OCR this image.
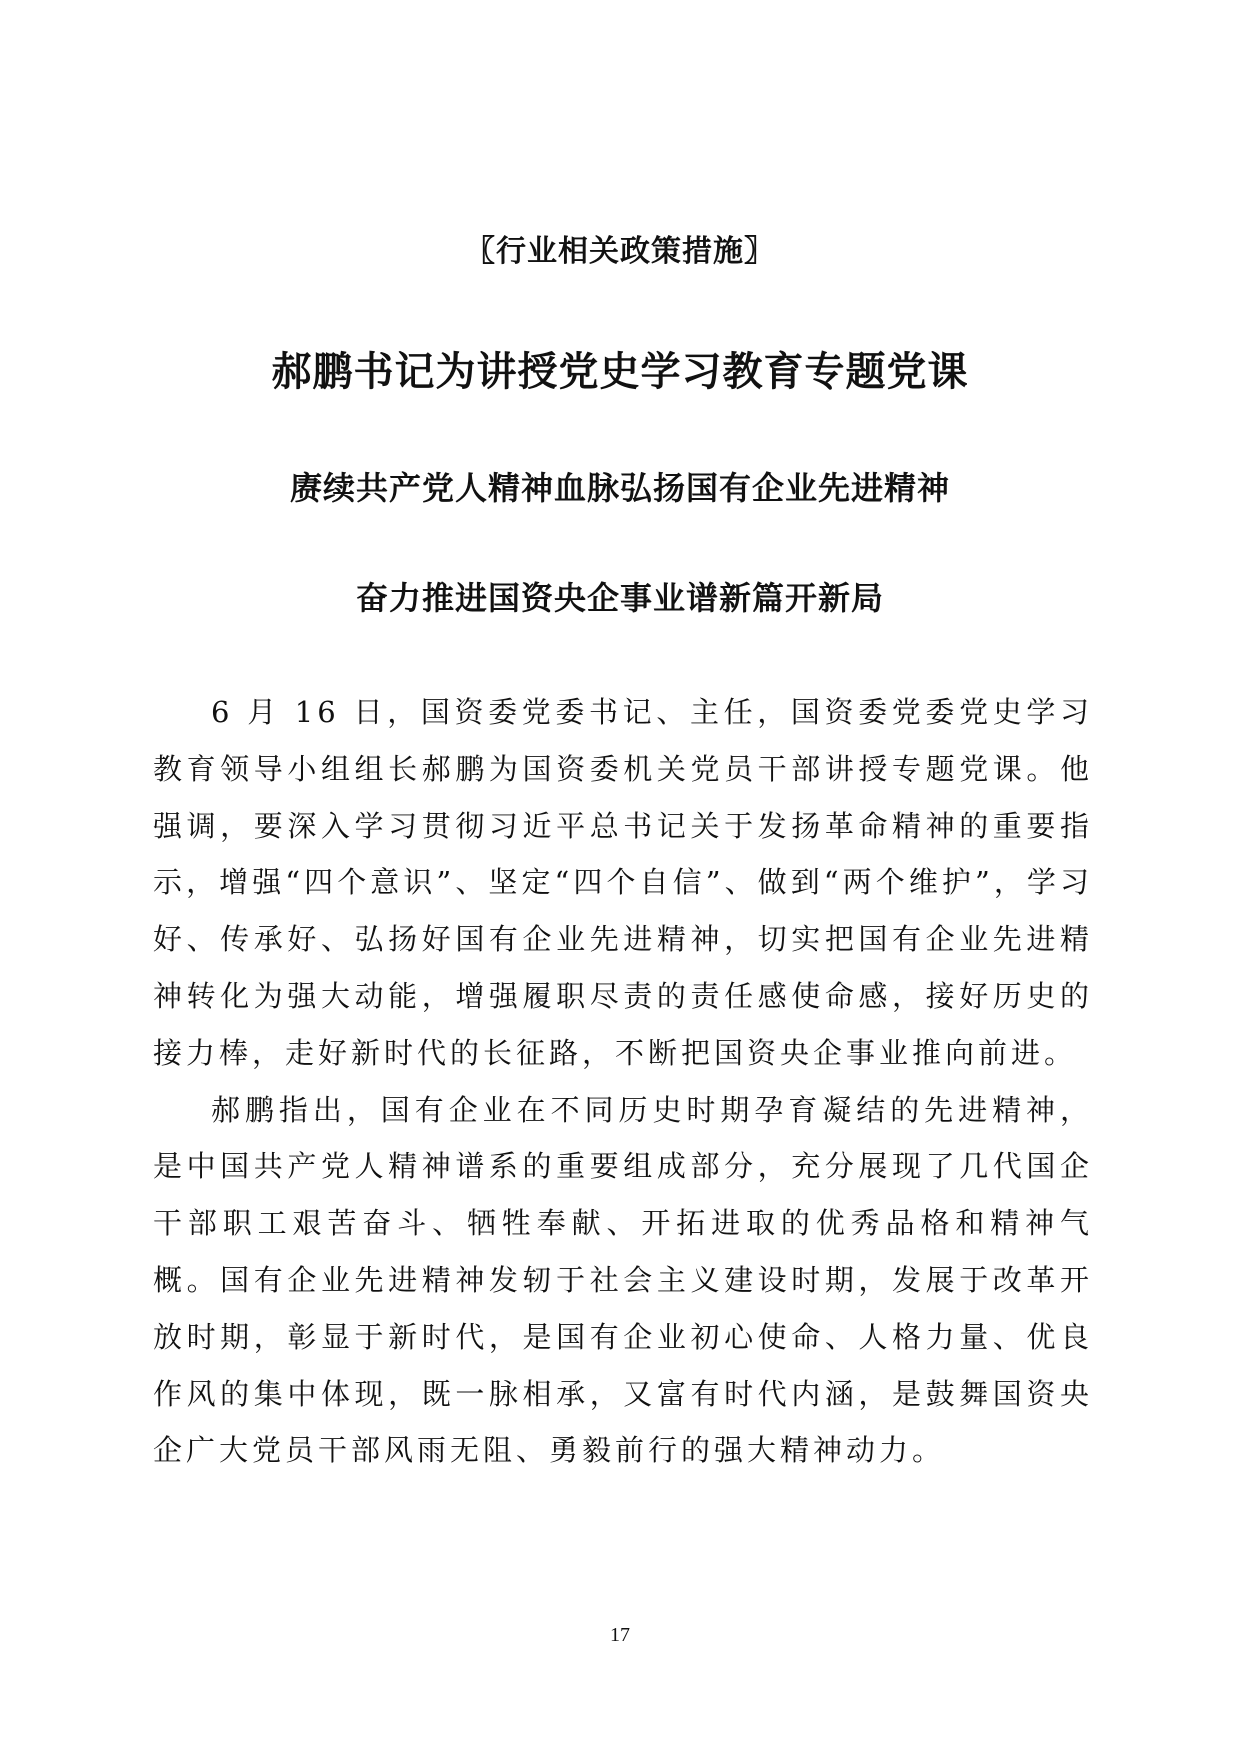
〖行业相关政策措施〗
郝鹏书记为讲授党史学习教育专题党课
赓续共产党人精神血脉弘扬国有企业先进精神
奋力推进国资央企事业谱新篇开新局

6 月 16 日，国资委党委书记、主任，国资委党委党史学习教育领导小组组长郝鹏为国资委机关党员干部讲授专题党课。他强调，要深入学习贯彻习近平总书记关于发扬革命精神的重要指示，增强“四个意识”、坚定“四个自信”、做到“两个维护”，学习好、传承好、弘扬好国有企业先进精神，切实把国有企业先进精神转化为强大动能，增强履职尽责的责任感使命感，接好历史的接力棒，走好新时代的长征路，不断把国资央企事业推向前进。

郝鹏指出，国有企业在不同历史时期孕育凝结的先进精神，是中国共产党人精神谱系的重要组成部分，充分展现了几代国企干部职工艰苦奋斗、牺牲奉献、开拓进取的优秀品格和精神气概。国有企业先进精神发轫于社会主义建设时期，发展于改革开放时期，彰显于新时代，是国有企业初心使命、人格力量、优良作风的集中体现，既一脉相承，又富有时代内涵，是鼓舞国资央企广大党员干部风雨无阻、勇毅前行的强大精神动力。

17
